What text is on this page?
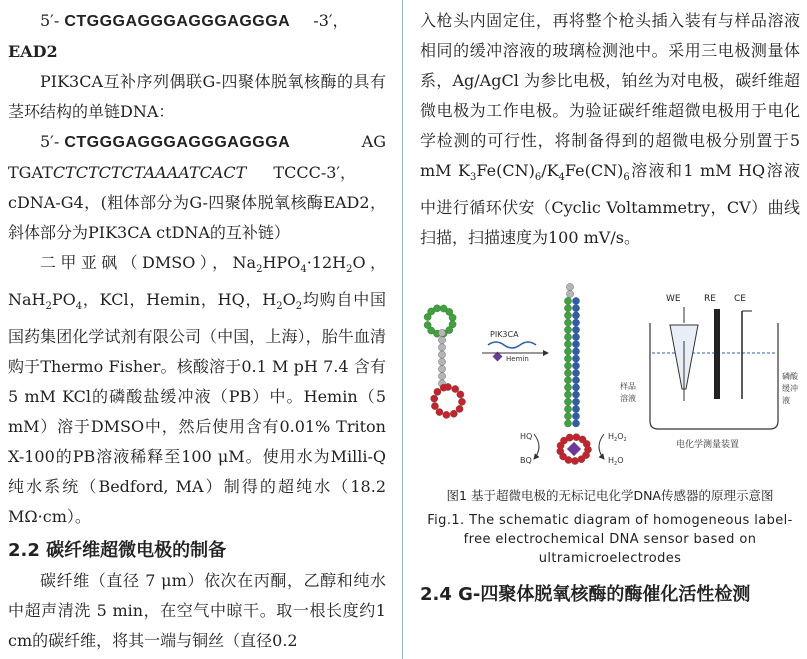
5′- CTGGGAGGGAGGGAGGGA -3′，

EAD2

PIK3CA互补序列偶联G-四聚体脱氧核酶的具有茎环结构的单链DNA：

5′- CTGGGAGGGAGGGAGGGA	AG

TGATCTCTCTCTAAAATCACT TCCC-3′，

cDNA-G4，(粗体部分为G-四聚体脱氧核酶EAD2，斜体部分为PIK3CA ctDNA的互补链）

二甲亚砜（DMSO），$Na_2HPO_4\cdot 12H_2O$，$NaH_2PO_4$，KCl，Hemin，HQ，$H_2O_2$均购自中国国药集团化学试剂有限公司（中国，上海），胎牛血清购于Thermo Fisher。核酸溶于0.1 M pH 7.4 含有5 mM KCl的磷酸盐缓冲液（PB）中。Hemin（5 mM）溶于DMSO中，然后使用含有0.01% Triton X-100的PB溶液稀释至100 μM。使用水为Milli-Q纯水系统（Bedford, MA）制得的超纯水（18.2 MΩ·cm）。

2.2 碳纤维超微电极的制备

碳纤维（直径 7 μm）依次在丙酮，乙醇和纯水中超声清洗 5 min，在空气中晾干。取一根长度约1 cm的碳纤维，将其一端与铜丝（直径0.2

入枪头内固定住，再将整个枪头插入装有与样品溶液相同的缓冲溶液的玻璃检测池中。采用三电极测量体系，Ag/AgCl 为参比电极，铂丝为对电极，碳纤维超微电极为工作电极。为验证碳纤维超微电极用于电化学检测的可行性，将制备得到的超微电极分别置于5 mM $K_3Fe(CN)_6/K_4Fe(CN)_6$溶液和1 mM HQ溶液中进行循环伏安（Cyclic Voltammetry，CV）曲线扫描，扫描速度为100 mV/s。

PIK3CA
Hemin
HQ
BQ
$H_2O_2$
$H_2O$
WE	RE CE
样品溶液
磷酸缓冲液
电化学测量装置

图1 基于超微电极的无标记电化学DNA传感器的原理示意图

Fig.1. The schematic diagram of homogeneous label-free electrochemical DNA sensor based on ultramicroelectrodes

2.4 G-四聚体脱氧核酶的酶催化活性检测
